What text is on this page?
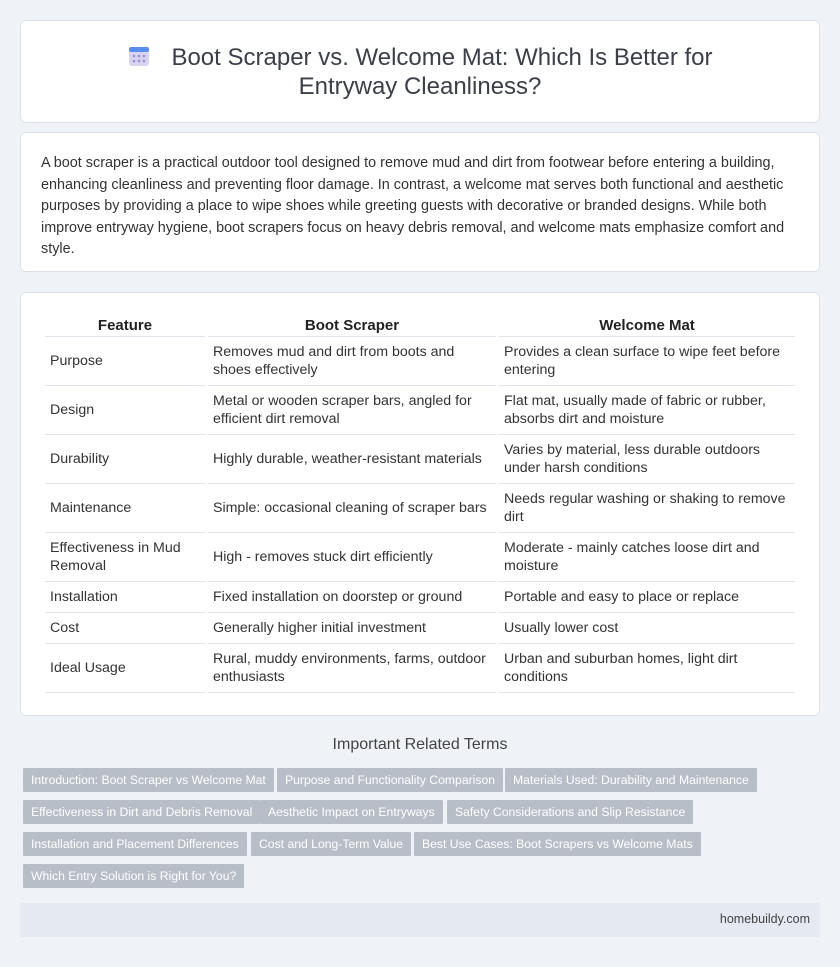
Boot Scraper vs. Welcome Mat: Which Is Better for Entryway Cleanliness?

A boot scraper is a practical outdoor tool designed to remove mud and dirt from footwear before entering a building, enhancing cleanliness and preventing floor damage. In contrast, a welcome mat serves both functional and aesthetic purposes by providing a place to wipe shoes while greeting guests with decorative or branded designs. While both improve entryway hygiene, boot scrapers focus on heavy debris removal, and welcome mats emphasize comfort and style.

Feature	Boot Scraper	Welcome Mat
Purpose	Removes mud and dirt from boots and shoes effectively	Provides a clean surface to wipe feet before entering
Design	Metal or wooden scraper bars, angled for efficient dirt removal	Flat mat, usually made of fabric or rubber, absorbs dirt and moisture
Durability	Highly durable, weather-resistant materials	Varies by material, less durable outdoors under harsh conditions
Maintenance	Simple: occasional cleaning of scraper bars	Needs regular washing or shaking to remove dirt
Effectiveness in Mud Removal	High - removes stuck dirt efficiently	Moderate - mainly catches loose dirt and moisture
Installation	Fixed installation on doorstep or ground	Portable and easy to place or replace
Cost	Generally higher initial investment	Usually lower cost
Ideal Usage	Rural, muddy environments, farms, outdoor enthusiasts	Urban and suburban homes, light dirt conditions
Important Related Terms
Introduction: Boot Scraper vs Welcome Mat	Purpose and Functionality Comparison	Materials Used: Durability and Maintenance
Effectiveness in Dirt and Debris Removal	Aesthetic Impact on Entryways	Safety Considerations and Slip Resistance
Installation and Placement Differences	Cost and Long-Term Value	Best Use Cases: Boot Scrapers vs Welcome Mats
Which Entry Solution is Right for You?
homebuildy.com
